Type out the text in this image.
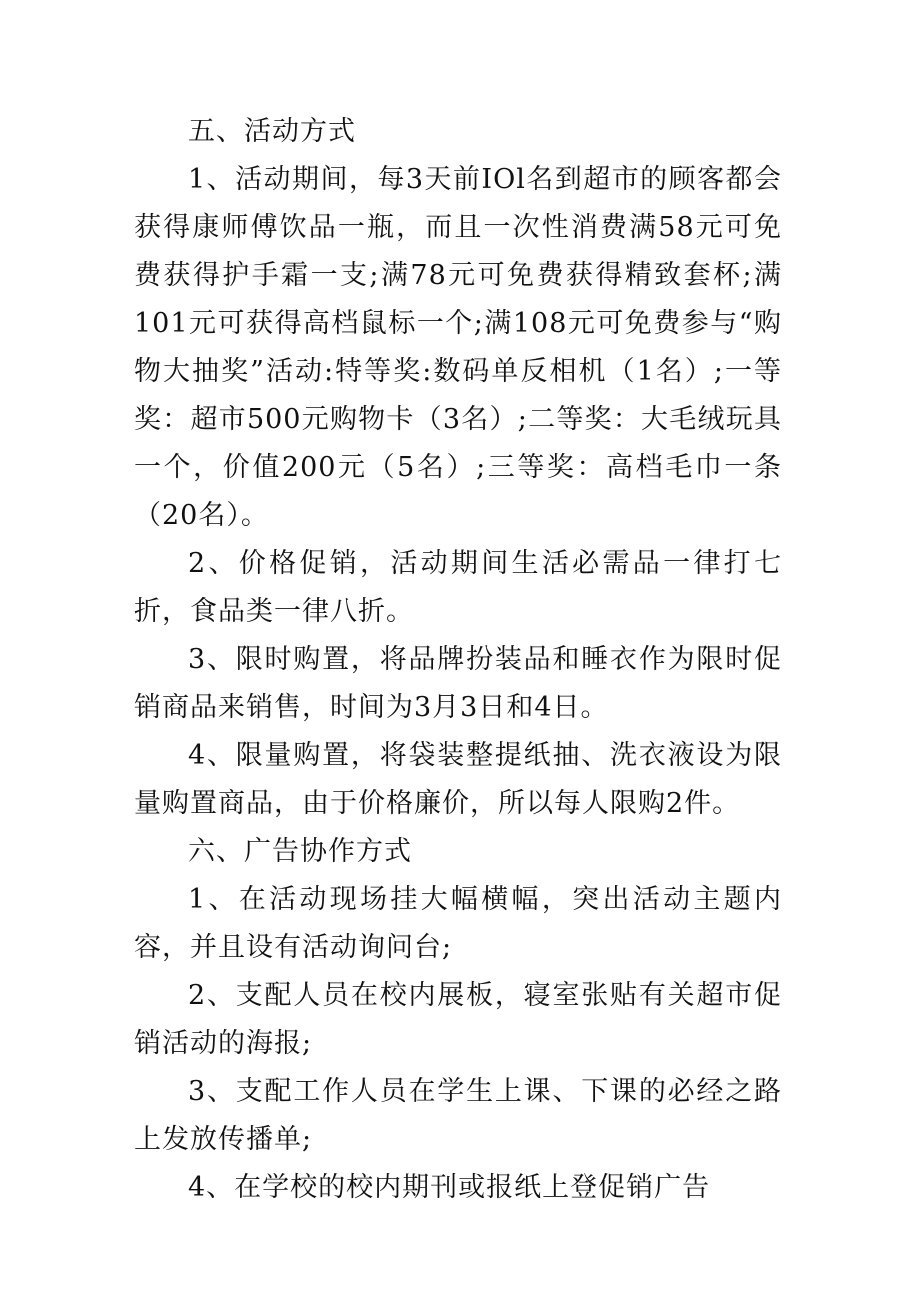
五、活动方式

1、活动期间，每3天前IOl名到超市的顾客都会获得康师傅饮品一瓶，而且一次性消费满58元可免费获得护手霜一支;满78元可免费获得精致套杯;满101元可获得高档鼠标一个;满108元可免费参与“购物大抽奖”活动:特等奖:数码单反相机（1名）;一等奖：超市500元购物卡（3名）;二等奖：大毛绒玩具一个，价值200元（5名）;三等奖：高档毛巾一条（20名）。

2、价格促销，活动期间生活必需品一律打七折，食品类一律八折。

3、限时购置，将品牌扮装品和睡衣作为限时促销商品来销售，时间为3月3日和4日。

4、限量购置，将袋装整提纸抽、洗衣液设为限量购置商品，由于价格廉价，所以每人限购2件。

六、广告协作方式

1、在活动现场挂大幅横幅，突出活动主题内容，并且设有活动询问台;

2、支配人员在校内展板，寝室张贴有关超市促销活动的海报;

3、支配工作人员在学生上课、下课的必经之路上发放传播单;

4、在学校的校内期刊或报纸上登促销广告
